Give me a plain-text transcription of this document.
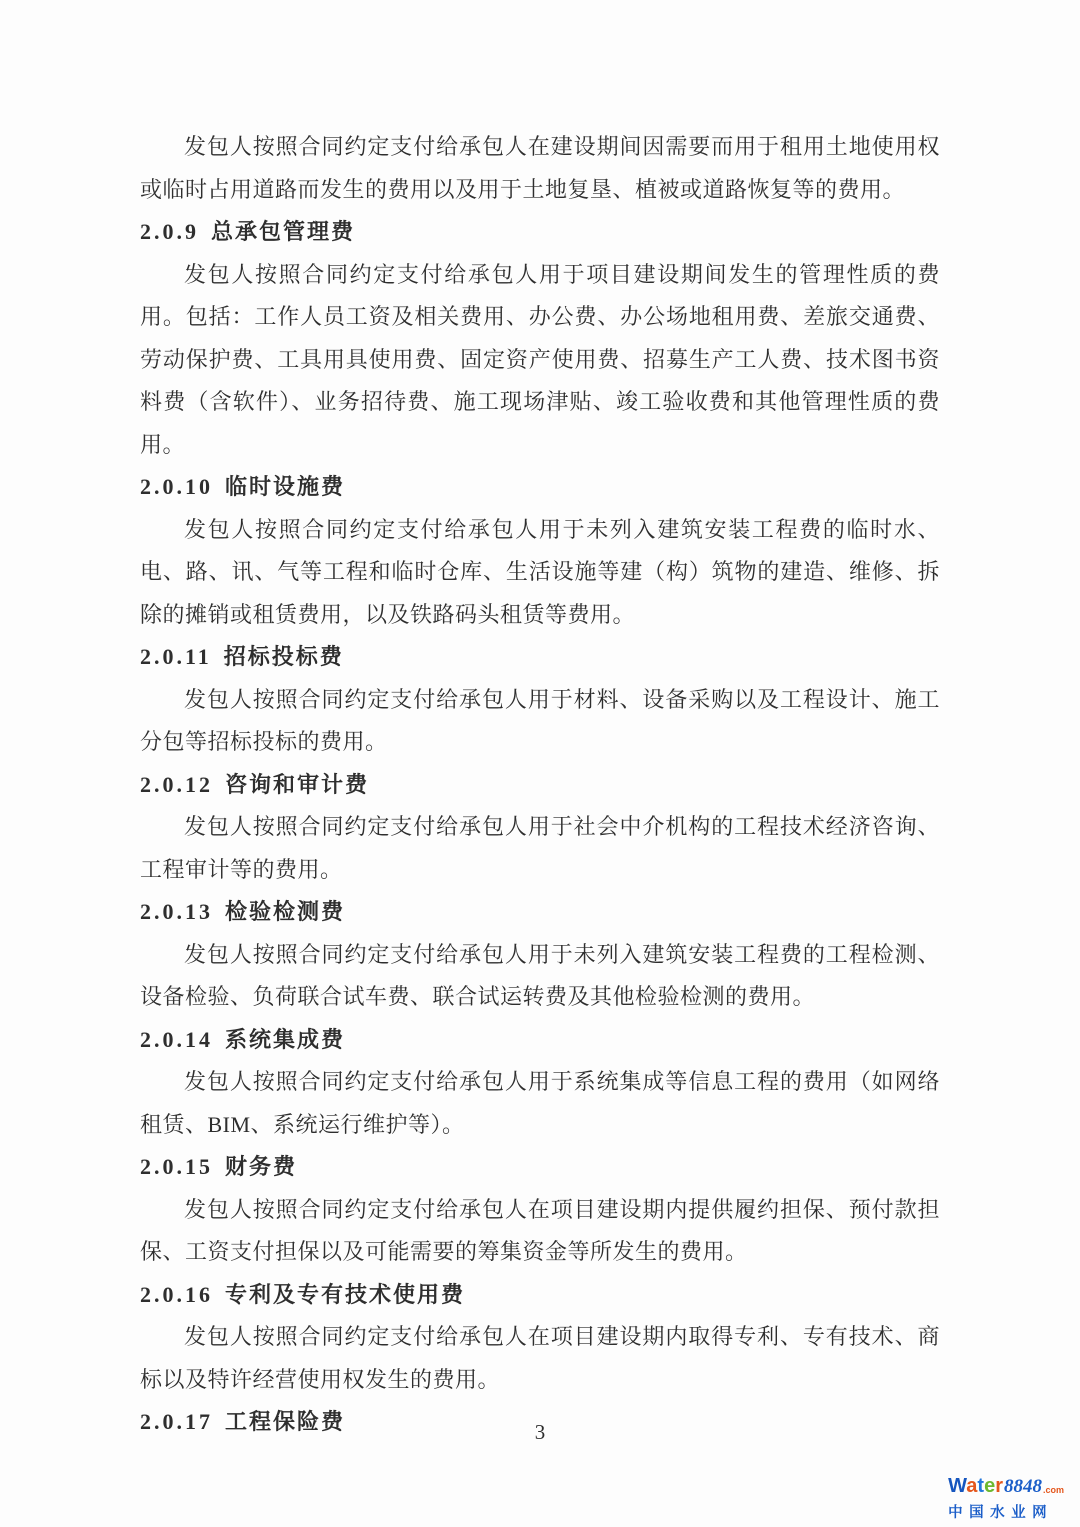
发包人按照合同约定支付给承包人在建设期间因需要而用于租用土地使用权或临时占用道路而发生的费用以及用于土地复垦、植被或道路恢复等的费用。

2.0.9 总承包管理费

发包人按照合同约定支付给承包人用于项目建设期间发生的管理性质的费用。包括：工作人员工资及相关费用、办公费、办公场地租用费、差旅交通费、劳动保护费、工具用具使用费、固定资产使用费、招募生产工人费、技术图书资料费（含软件）、业务招待费、施工现场津贴、竣工验收费和其他管理性质的费用。

2.0.10 临时设施费

发包人按照合同约定支付给承包人用于未列入建筑安装工程费的临时水、电、路、讯、气等工程和临时仓库、生活设施等建（构）筑物的建造、维修、拆除的摊销或租赁费用，以及铁路码头租赁等费用。

2.0.11 招标投标费

发包人按照合同约定支付给承包人用于材料、设备采购以及工程设计、施工分包等招标投标的费用。

2.0.12 咨询和审计费

发包人按照合同约定支付给承包人用于社会中介机构的工程技术经济咨询、工程审计等的费用。

2.0.13 检验检测费

发包人按照合同约定支付给承包人用于未列入建筑安装工程费的工程检测、设备检验、负荷联合试车费、联合试运转费及其他检验检测的费用。

2.0.14 系统集成费

发包人按照合同约定支付给承包人用于系统集成等信息工程的费用（如网络租赁、BIM、系统运行维护等）。

2.0.15 财务费

发包人按照合同约定支付给承包人在项目建设期内提供履约担保、预付款担保、工资支付担保以及可能需要的筹集资金等所发生的费用。

2.0.16 专利及专有技术使用费

发包人按照合同约定支付给承包人在项目建设期内取得专利、专有技术、商标以及特许经营使用权发生的费用。

2.0.17 工程保险费	3
Water 8848 .com
中国水业网
